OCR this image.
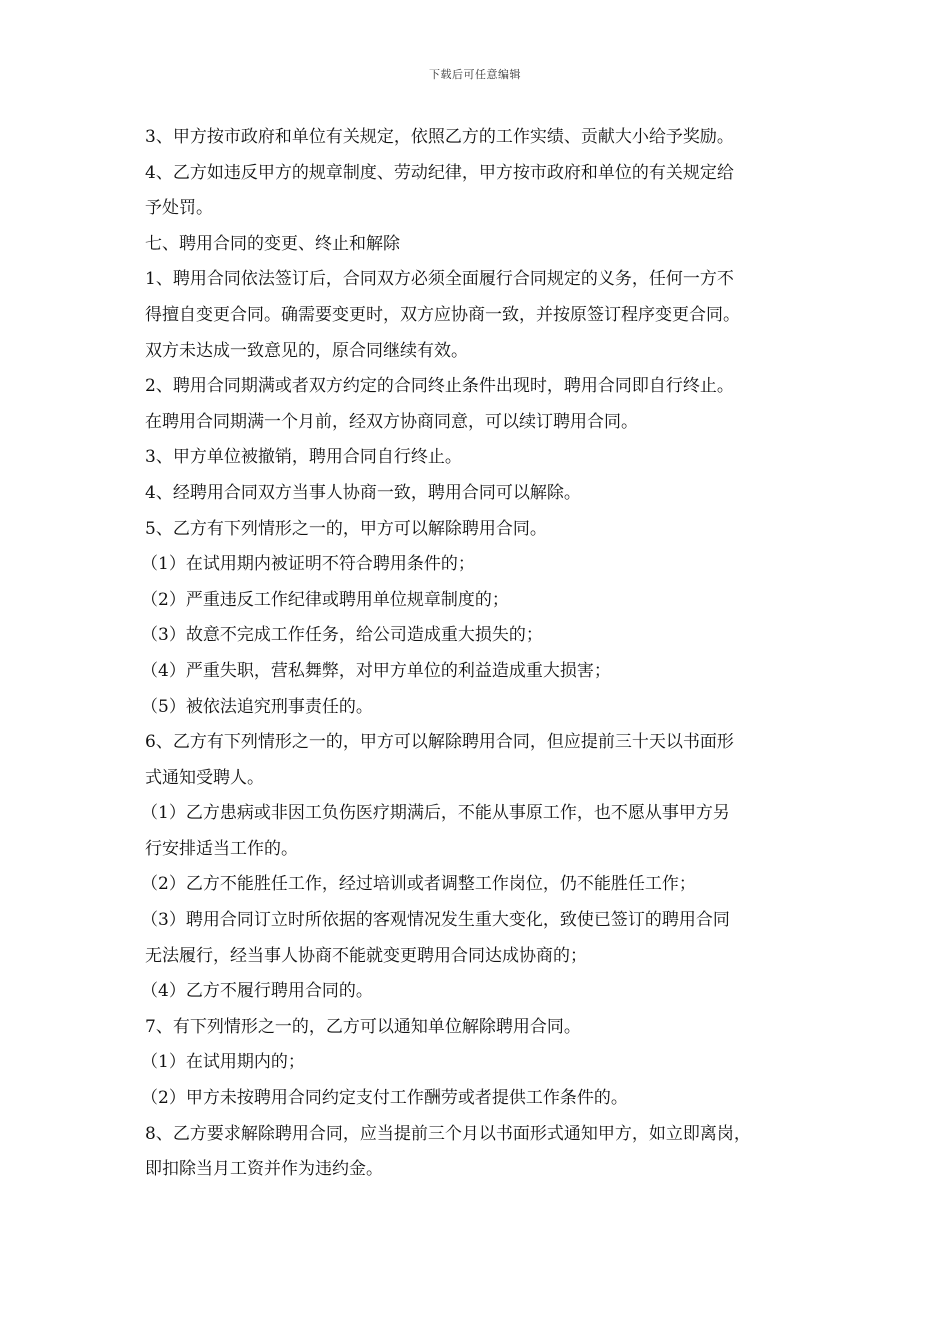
下载后可任意编辑
3、甲方按市政府和单位有关规定，依照乙方的工作实绩、贡献大小给予奖励。
4、乙方如违反甲方的规章制度、劳动纪律，甲方按市政府和单位的有关规定给
予处罚。
七、聘用合同的变更、终止和解除
1、聘用合同依法签订后，合同双方必须全面履行合同规定的义务，任何一方不
得擅自变更合同。确需要变更时，双方应协商一致，并按原签订程序变更合同。
双方未达成一致意见的，原合同继续有效。
2、聘用合同期满或者双方约定的合同终止条件出现时，聘用合同即自行终止。
在聘用合同期满一个月前，经双方协商同意，可以续订聘用合同。
3、甲方单位被撤销，聘用合同自行终止。
4、经聘用合同双方当事人协商一致，聘用合同可以解除。
5、乙方有下列情形之一的，甲方可以解除聘用合同。
（1）在试用期内被证明不符合聘用条件的；
（2）严重违反工作纪律或聘用单位规章制度的；
（3）故意不完成工作任务，给公司造成重大损失的；
（4）严重失职，营私舞弊，对甲方单位的利益造成重大损害；
（5）被依法追究刑事责任的。
6、乙方有下列情形之一的，甲方可以解除聘用合同，但应提前三十天以书面形
式通知受聘人。
（1）乙方患病或非因工负伤医疗期满后，不能从事原工作，也不愿从事甲方另
行安排适当工作的。
（2）乙方不能胜任工作，经过培训或者调整工作岗位，仍不能胜任工作；
（3）聘用合同订立时所依据的客观情况发生重大变化，致使已签订的聘用合同
无法履行，经当事人协商不能就变更聘用合同达成协商的；
（4）乙方不履行聘用合同的。
7、有下列情形之一的，乙方可以通知单位解除聘用合同。
（1）在试用期内的；
（2）甲方未按聘用合同约定支付工作酬劳或者提供工作条件的。
8、乙方要求解除聘用合同，应当提前三个月以书面形式通知甲方，如立即离岗，
即扣除当月工资并作为违约金。
